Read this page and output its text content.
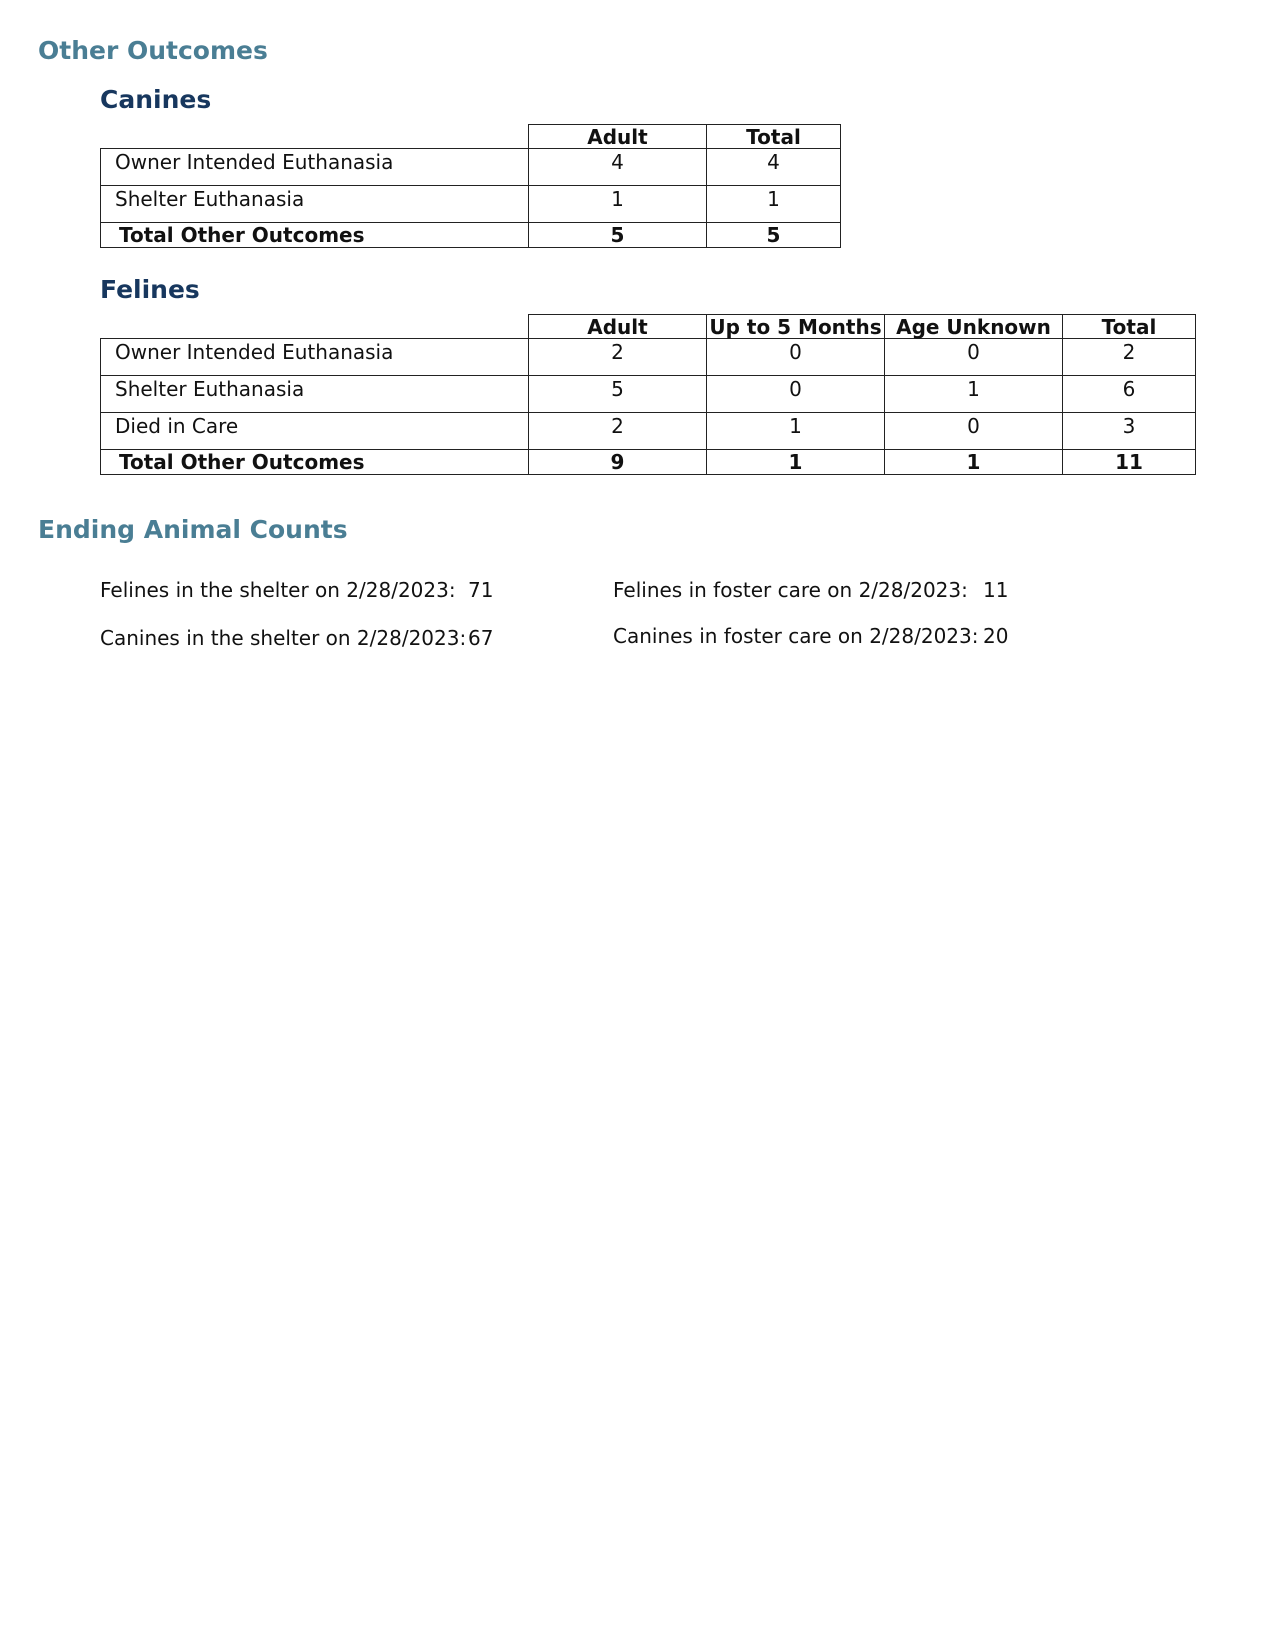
Other Outcomes
Canines
	Adult	Total
Owner Intended Euthanasia	4	4
Shelter Euthanasia	1	1
Total Other Outcomes	5	5
Felines
	Adult	Up to 5 Months	Age Unknown	Total
Owner Intended Euthanasia	2	0	0	2
Shelter Euthanasia	5	0	1	6
Died in Care	2	1	0	3
Total Other Outcomes	9	1	1	11
Ending Animal Counts
Felines in the shelter on 2/28/2023: 71
Canines in the shelter on 2/28/2023: 67
Felines in foster care on 2/28/2023: 11
Canines in foster care on 2/28/2023: 20
